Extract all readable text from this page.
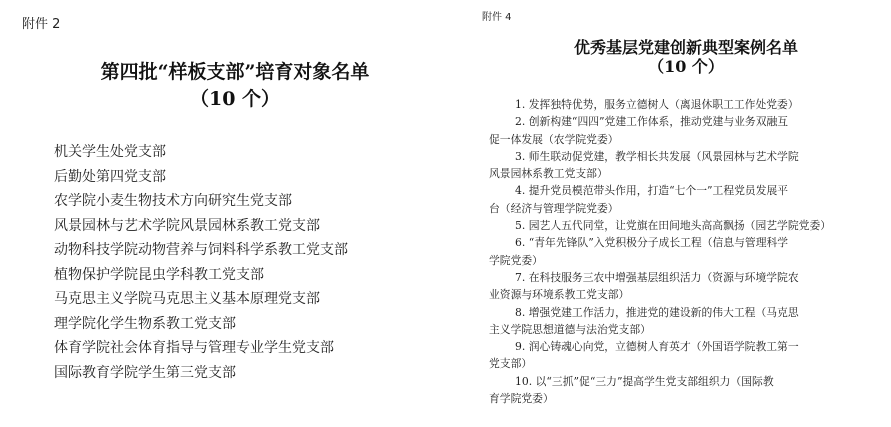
附件 2
第四批“样板支部”培育对象名单
（10 个）
机关学生处党支部
后勤处第四党支部
农学院小麦生物技术方向研究生党支部
风景园林与艺术学院风景园林系教工党支部
动物科技学院动物营养与饲料科学系教工党支部
植物保护学院昆虫学科教工党支部
马克思主义学院马克思主义基本原理党支部
理学院化学生物系教工党支部
体育学院社会体育指导与管理专业学生党支部
国际教育学院学生第三党支部
附件 4
优秀基层党建创新典型案例名单
（10 个）
1. 发挥独特优势，服务立德树人（离退休职工工作处党委）
2. 创新构建“四四”党建工作体系，推动党建与业务双融互
促一体发展（农学院党委）
3. 师生联动促党建，教学相长共发展（风景园林与艺术学院
风景园林系教工党支部）
4. 提升党员模范带头作用，打造“七个一”工程党员发展平
台（经济与管理学院党委）
5. 园艺人五代同堂，让党旗在田间地头高高飘扬（园艺学院党委）
6. “青年先锋队”入党积极分子成长工程（信息与管理科学
学院党委）
7. 在科技服务三农中增强基层组织活力（资源与环境学院农
业资源与环境系教工党支部）
8. 增强党建工作活力，推进党的建设新的伟大工程（马克思
主义学院思想道德与法治党支部）
9. 润心铸魂心向党，立德树人育英才（外国语学院教工第一
党支部）
10. 以“三抓”促“三力”提高学生党支部组织力（国际教
育学院党委）
